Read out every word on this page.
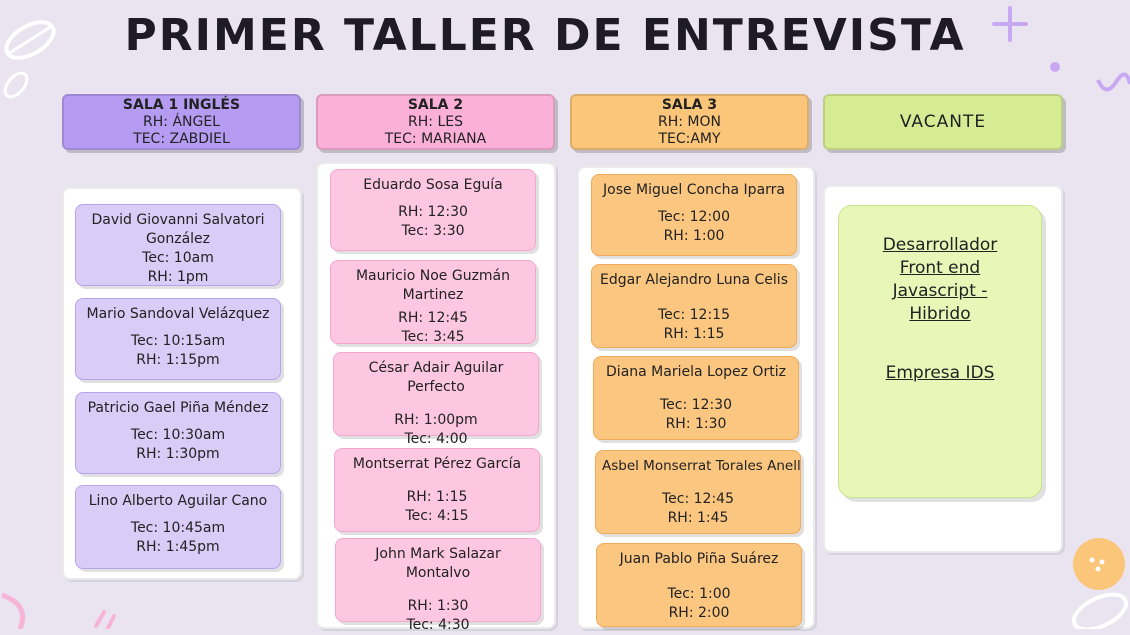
PRIMER TALLER DE ENTREVISTA
SALA 1 INGLÉS
RH: ÁNGEL
TEC: ZABDIEL
David Giovanni Salvatori González
Tec: 10am
RH: 1pm
Mario Sandoval Velázquez
Tec: 10:15am
RH: 1:15pm
Patricio Gael Piña Méndez
Tec: 10:30am
RH: 1:30pm
Lino Alberto Aguilar Cano
Tec: 10:45am
RH: 1:45pm
SALA 2
RH: LES
TEC: MARIANA
Eduardo Sosa Eguía
RH: 12:30
Tec: 3:30
Mauricio Noe Guzmán Martinez
RH: 12:45
Tec: 3:45
César Adair Aguilar Perfecto
RH: 1:00pm
Tec: 4:00
Montserrat Pérez García
RH: 1:15
Tec: 4:15
John Mark Salazar Montalvo
RH: 1:30
Tec: 4:30
SALA 3
RH: MON
TEC:AMY
Jose Miguel Concha Iparra
Tec: 12:00
RH: 1:00
Edgar Alejandro Luna Celis
Tec: 12:15
RH: 1:15
Diana Mariela Lopez Ortiz
Tec: 12:30
RH: 1:30
Asbel Monserrat Torales Anell
Tec: 12:45
RH: 1:45
Juan Pablo Piña Suárez
Tec: 1:00
RH: 2:00
VACANTE
Desarrollador
Front end
Javascript -
Hibrido
Empresa IDS
